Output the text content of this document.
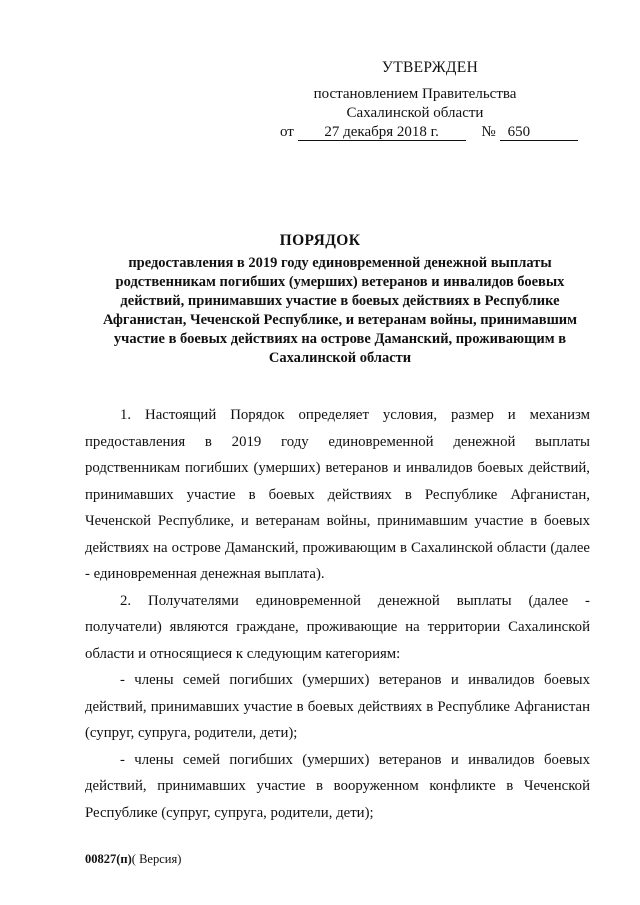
УТВЕРЖДЕН
постановлением Правительства
Сахалинской области
от 27 декабря 2018 г.	№ 650
ПОРЯДОК
предоставления в 2019 году единовременной денежной выплаты родственникам погибших (умерших) ветеранов и инвалидов боевых действий, принимавших участие в боевых действиях в Республике Афганистан, Чеченской Республике, и ветеранам войны, принимавшим участие в боевых действиях на острове Даманский, проживающим в Сахалинской области

1. Настоящий Порядок определяет условия, размер и механизм предоставления в 2019 году единовременной денежной выплаты родственникам погибших (умерших) ветеранов и инвалидов боевых действий, принимавших участие в боевых действиях в Республике Афганистан, Чеченской Республике, и ветеранам войны, принимавшим участие в боевых действиях на острове Даманский, проживающим в Сахалинской области (далее - единовременная денежная выплата).

2. Получателями единовременной денежной выплаты (далее - получатели) являются граждане, проживающие на территории Сахалинской области и относящиеся к следующим категориям:

- члены семей погибших (умерших) ветеранов и инвалидов боевых действий, принимавших участие в боевых действиях в Республике Афганистан (супруг, супруга, родители, дети);

- члены семей погибших (умерших) ветеранов и инвалидов боевых действий, принимавших участие в вооруженном конфликте в Чеченской Республике (супруг, супруга, родители, дети);

00827(п)( Версия)
